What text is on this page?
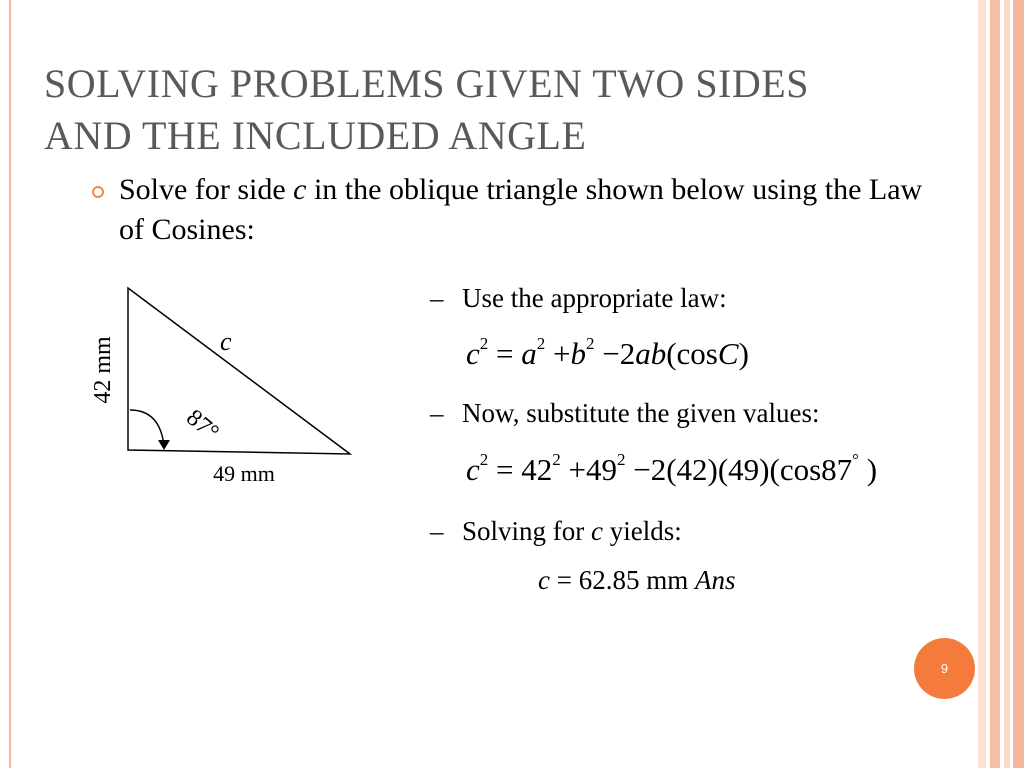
SOLVING PROBLEMS GIVEN TWO SIDES
AND THE INCLUDED ANGLE

Solve for side c in the oblique triangle shown below using the Law of Cosines:

– Use the appropriate law:
$c^2 = a^2 +b^2 -2ab(\cos C)$
– Now, substitute the given values:
$c^2 = 42^2 +49^2 -2(42)(49)(\cos 87^\circ$ )
– Solving for c yields:
c = 62.85 mm Ans
c
42 mm
49 mm
87°
9
